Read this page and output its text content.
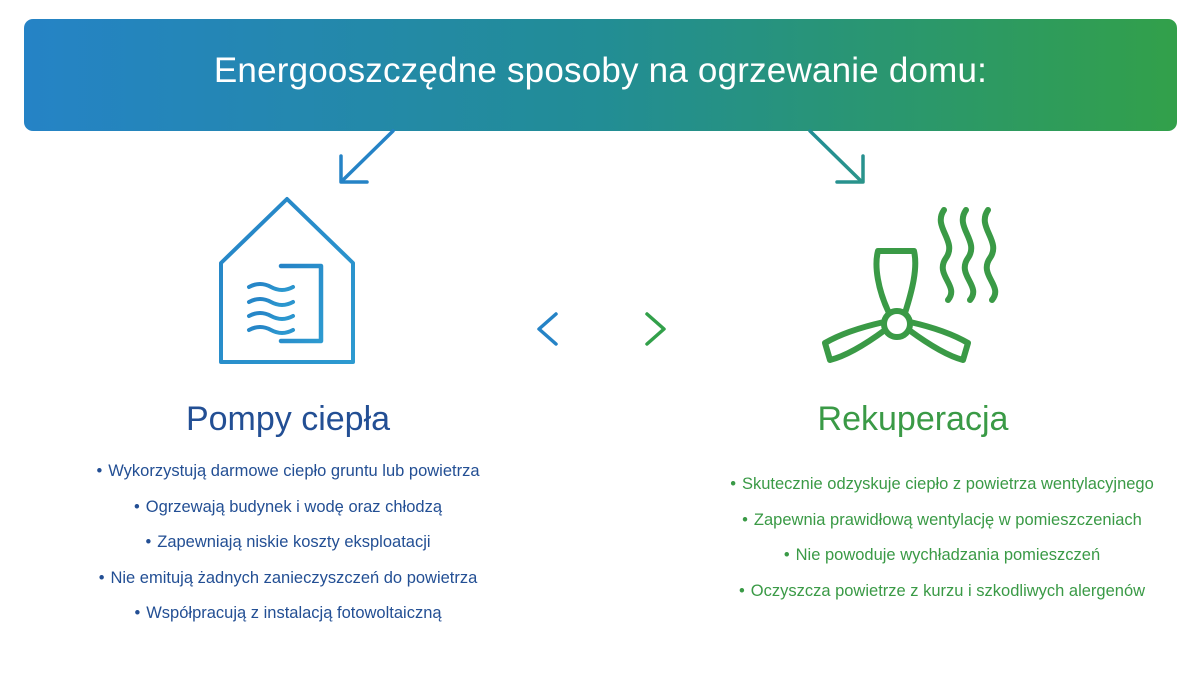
Energooszczędne sposoby na ogrzewanie domu:
Pompy ciepła	Rekuperacja
• Wykorzystują darmowe ciepło gruntu lub powietrza
• Ogrzewają budynek i wodę oraz chłodzą
• Zapewniają niskie koszty eksploatacji
• Nie emitują żadnych zanieczyszczeń do powietrza
• Współpracują z instalacją fotowoltaiczną
• Skutecznie odzyskuje ciepło z powietrza wentylacyjnego
• Zapewnia prawidłową wentylację w pomieszczeniach
• Nie powoduje wychładzania pomieszczeń
• Oczyszcza powietrze z kurzu i szkodliwych alergenów
